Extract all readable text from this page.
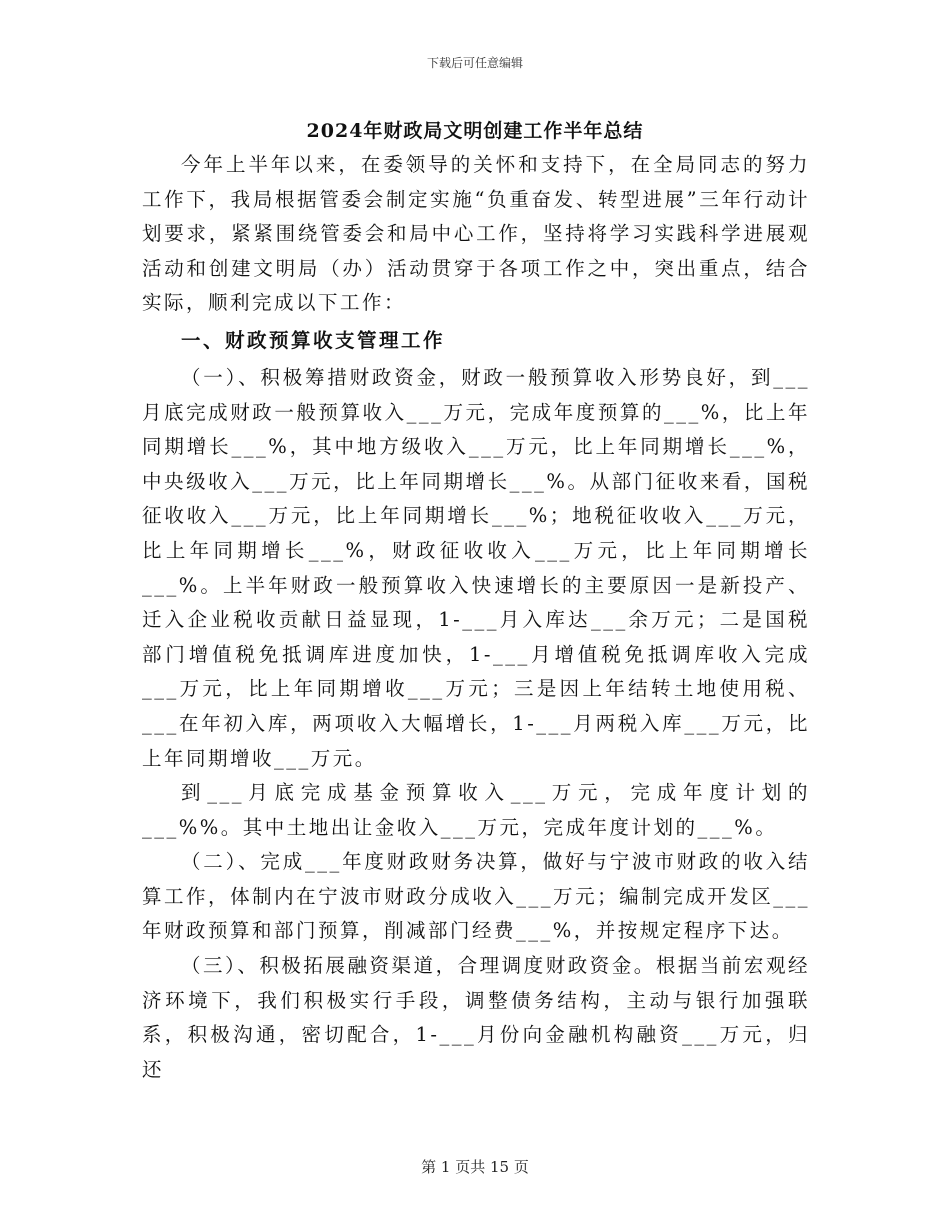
下载后可任意编辑
2024年财政局文明创建工作半年总结

今年上半年以来，在委领导的关怀和支持下，在全局同志的努力工作下，我局根据管委会制定实施“负重奋发、转型进展”三年行动计划要求，紧紧围绕管委会和局中心工作，坚持将学习实践科学进展观活动和创建文明局（办）活动贯穿于各项工作之中，突出重点，结合实际，顺利完成以下工作：

一、财政预算收支管理工作

（一）、积极筹措财政资金，财政一般预算收入形势良好，到___月底完成财政一般预算收入___万元，完成年度预算的___%，比上年同期增长___%，其中地方级收入___万元，比上年同期增长___%，中央级收入___万元，比上年同期增长___%。从部门征收来看，国税征收收入___万元，比上年同期增长___%；地税征收收入___万元，比上年同期增长___%，财政征收收入___万元，比上年同期增长___%。上半年财政一般预算收入快速增长的主要原因一是新投产、迁入企业税收贡献日益显现，1-___月入库达___余万元；二是国税部门增值税免抵调库进度加快，1-___月增值税免抵调库收入完成___万元，比上年同期增收___万元；三是因上年结转土地使用税、___在年初入库，两项收入大幅增长，1-___月两税入库___万元，比上年同期增收___万元。

到___月底完成基金预算收入___万元，完成年度计划的___%%。其中土地出让金收入___万元，完成年度计划的___%。

（二）、完成___年度财政财务决算，做好与宁波市财政的收入结算工作，体制内在宁波市财政分成收入___万元；编制完成开发区___年财政预算和部门预算，削减部门经费___%，并按规定程序下达。

（三）、积极拓展融资渠道，合理调度财政资金。根据当前宏观经济环境下，我们积极实行手段，调整债务结构，主动与银行加强联系，积极沟通，密切配合，1-___月份向金融机构融资___万元，归还

第 1 页共 15 页
